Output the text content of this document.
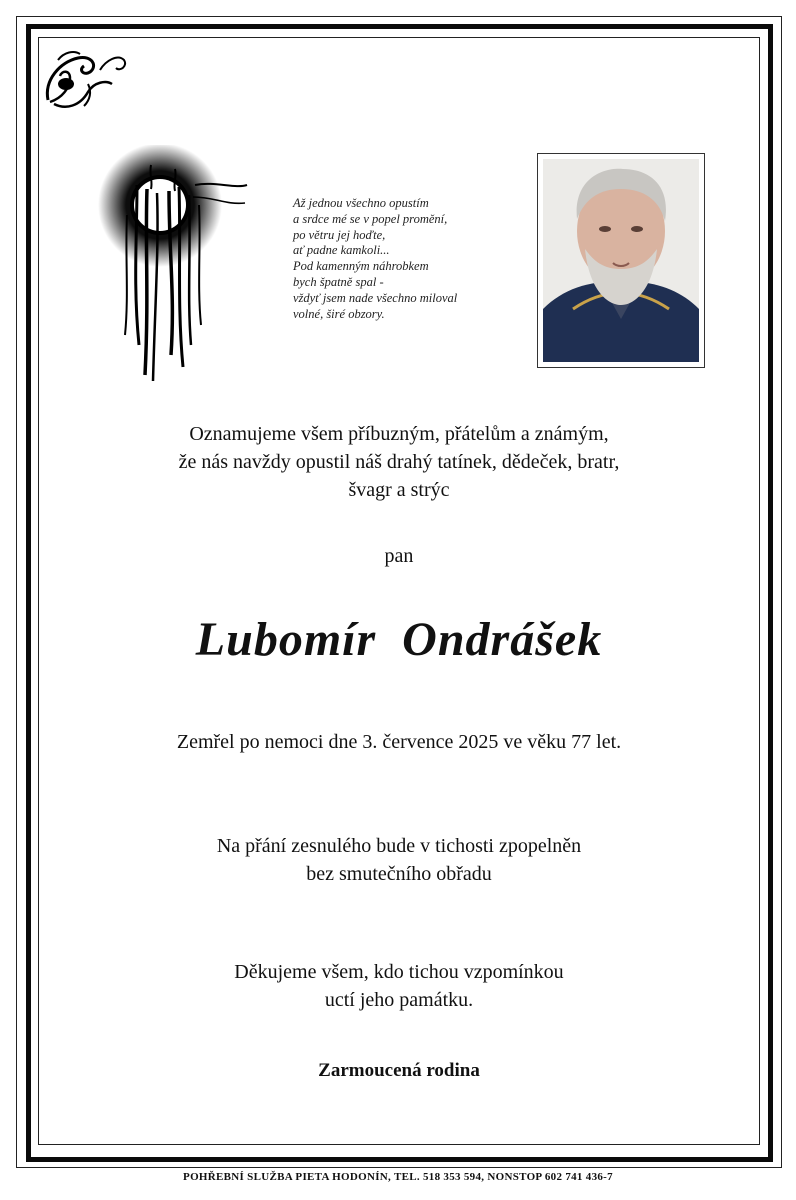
Až jednou všechno opustím
a srdce mé se v popel promění,
po větru jej hoďte,
ať padne kamkoli...
Pod kamenným náhrobkem
bych špatně spal -
vždyť jsem nade všechno miloval
volné, širé obzory.
Oznamujeme všem příbuzným, přátelům a známým,
že nás navždy opustil náš drahý tatínek, dědeček, bratr,
švagr a strýc
pan
Lubomír Ondrášek
Zemřel po nemoci dne 3. července 2025 ve věku 77 let.
Na přání zesnulého bude v tichosti zpopelněn
bez smutečního obřadu
Děkujeme všem, kdo tichou vzpomínkou
uctí jeho památku.
Zarmoucená rodina
POHŘEBNÍ SLUŽBA PIETA HODONÍN, TEL. 518 353 594, NONSTOP 602 741 436-7
